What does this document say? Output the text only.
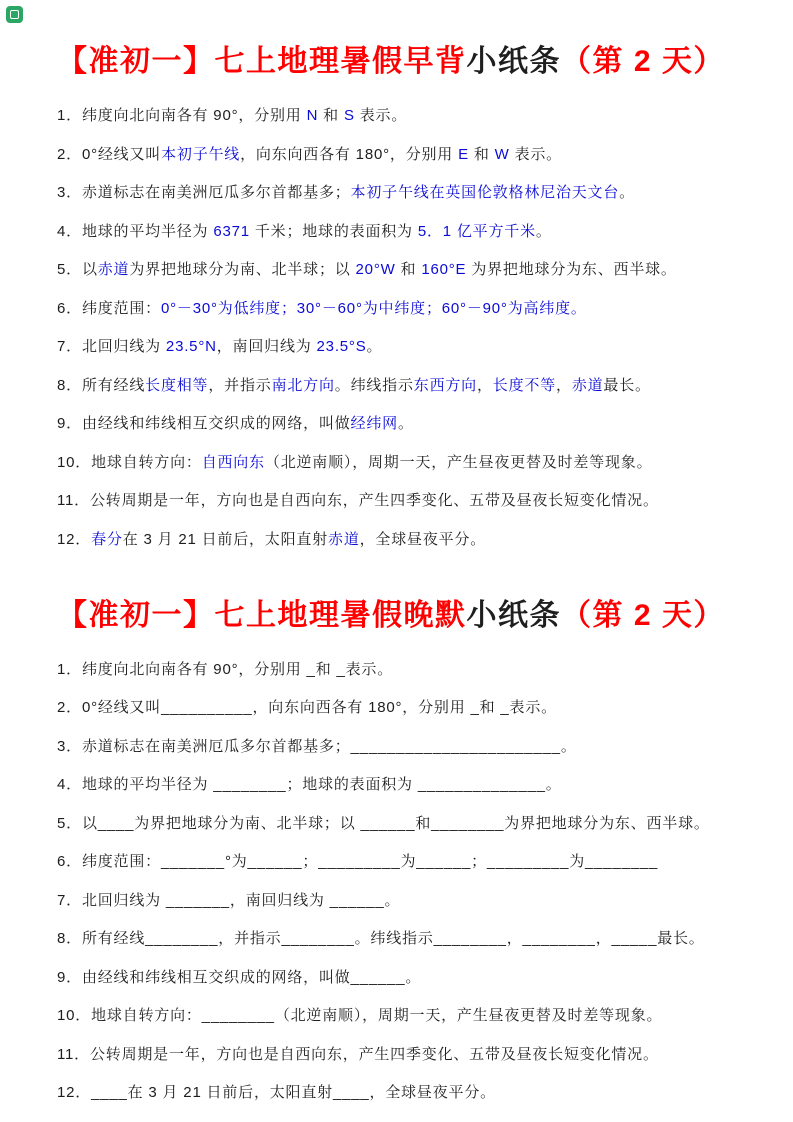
【准初一】七上地理暑假早背小纸条（第 2 天）
1．纬度向北向南各有 90°，分别用 N 和 S 表示。
2．0°经线又叫本初子午线，向东向西各有 180°，分别用 E 和 W 表示。
3．赤道标志在南美洲厄瓜多尔首都基多；本初子午线在英国伦敦格林尼治天文台。
4．地球的平均半径为 6371 千米；地球的表面积为 5．1 亿平方千米。
5．以赤道为界把地球分为南、北半球；以 20°W 和 160°E 为界把地球分为东、西半球。
6．纬度范围：0°－30°为低纬度；30°－60°为中纬度；60°－90°为高纬度。
7．北回归线为 23.5°N，南回归线为 23.5°S。
8．所有经线长度相等，并指示南北方向。纬线指示东西方向，长度不等，赤道最长。
9．由经线和纬线相互交织成的网络，叫做经纬网。
10．地球自转方向：自西向东（北逆南顺），周期一天，产生昼夜更替及时差等现象。
11．公转周期是一年，方向也是自西向东，产生四季变化、五带及昼夜长短变化情况。
12．春分在 3 月 21 日前后，太阳直射赤道，全球昼夜平分。
【准初一】七上地理暑假晚默小纸条（第 2 天）
1．纬度向北向南各有 90°，分别用 _和 _表示。
2．0°经线又叫__________，向东向西各有 180°，分别用 _和 _表示。
3．赤道标志在南美洲厄瓜多尔首都基多；_______________________。
4．地球的平均半径为 ________；地球的表面积为 ______________。
5．以____为界把地球分为南、北半球；以 ______和________为界把地球分为东、西半球。
6．纬度范围：_______°为______；_________为______；_________为________
7．北回归线为 _______，南回归线为 ______。
8．所有经线________，并指示________。纬线指示________，________，_____最长。
9．由经线和纬线相互交织成的网络，叫做______。
10．地球自转方向：________（北逆南顺），周期一天，产生昼夜更替及时差等现象。
11．公转周期是一年，方向也是自西向东，产生四季变化、五带及昼夜长短变化情况。
12．____在 3 月 21 日前后，太阳直射____，全球昼夜平分。
